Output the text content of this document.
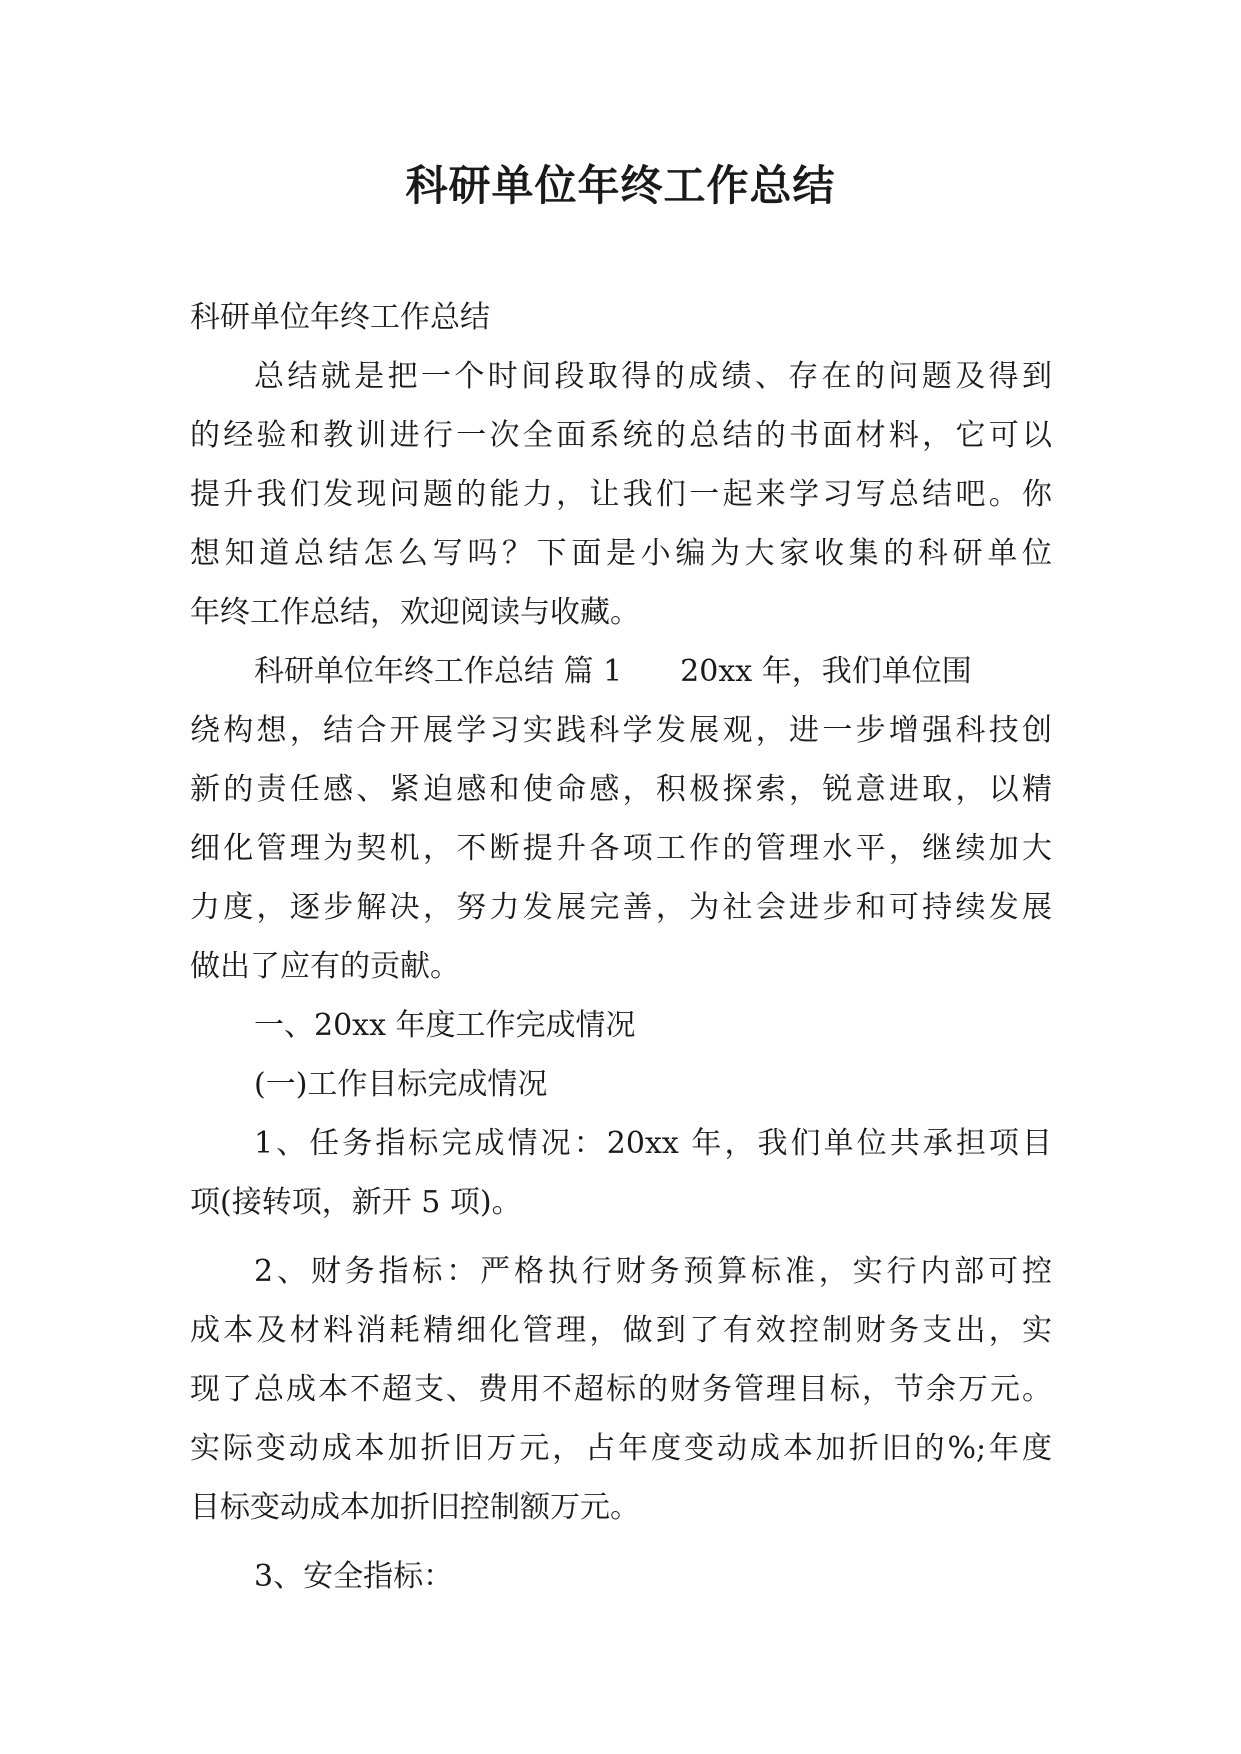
科研单位年终工作总结
科研单位年终工作总结
总结就是把一个时间段取得的成绩、存在的问题及得到
的经验和教训进行一次全面系统的总结的书面材料，它可以
提升我们发现问题的能力，让我们一起来学习写总结吧。你
想知道总结怎么写吗？下面是小编为大家收集的科研单位
年终工作总结，欢迎阅读与收藏。
科研单位年终工作总结 篇 1 20xx 年，我们单位围
绕构想，结合开展学习实践科学发展观，进一步增强科技创
新的责任感、紧迫感和使命感，积极探索，锐意进取，以精
细化管理为契机，不断提升各项工作的管理水平，继续加大
力度，逐步解决，努力发展完善，为社会进步和可持续发展
做出了应有的贡献。
一、20xx 年度工作完成情况
(一)工作目标完成情况
1、任务指标完成情况：20xx 年，我们单位共承担项目
项(接转项，新开 5 项)。
2、财务指标：严格执行财务预算标准，实行内部可控
成本及材料消耗精细化管理，做到了有效控制财务支出，实
现了总成本不超支、费用不超标的财务管理目标，节余万元。
实际变动成本加折旧万元，占年度变动成本加折旧的%;年度
目标变动成本加折旧控制额万元。
3、安全指标：
